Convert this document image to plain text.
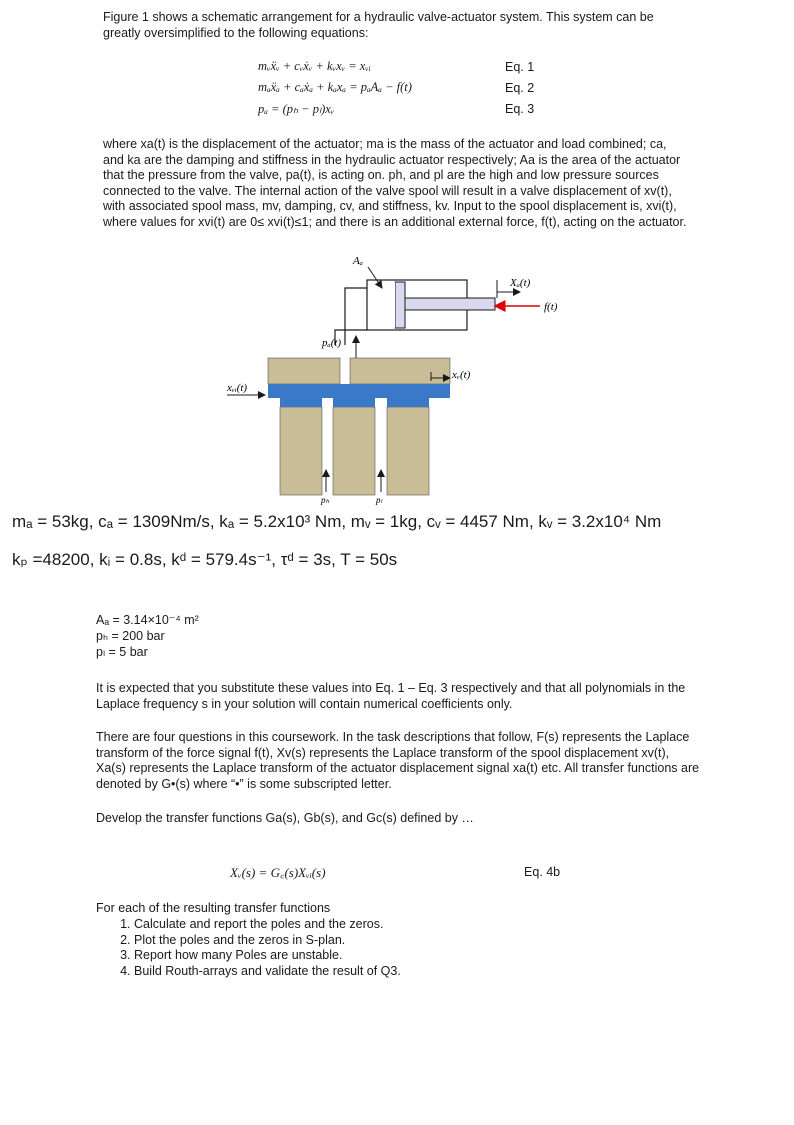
Figure 1 shows a schematic arrangement for a hydraulic valve-actuator system. This system can be greatly oversimplified to the following equations:
mᵥẍᵥ + cᵥẋᵥ + kᵥxᵥ = xᵥᵢ	Eq. 1
mₐẍₐ + cₐẋₐ + kₐxₐ = pₐAₐ − f(t)	Eq. 2
pₐ = (pₕ − pₗ)xᵥ	Eq. 3
where xa(t) is the displacement of the actuator; ma is the mass of the actuator and load combined; ca, and ka are the damping and stiffness in the hydraulic actuator respectively; Aa is the area of the actuator that the pressure from the valve, pa(t), is acting on. ph, and pl are the high and low pressure sources connected to the valve. The internal action of the valve spool will result in a valve displacement of xv(t), with associated spool mass, mv, damping, cv, and stiffness, kv. Input to the spool displacement is, xvi(t), where values for xvi(t) are 0≤ xvi(t)≤1; and there is an additional external force, f(t), acting on the actuator.
Aₐ
Xₐ(t)
f(t)
pₐ(t)
xᵥ(t)
xᵥᵢ(t)
pₕ	pₗ
mₐ = 53kg, cₐ = 1309Nm/s, kₐ = 5.2x10³ Nm, mᵥ = 1kg, cᵥ = 4457 Nm, kᵥ = 3.2x10⁴ Nm
kₚ =48200, kᵢ = 0.8s, kᵈ = 579.4s⁻¹, τᵈ = 3s, T = 50s
Aₐ = 3.14×10⁻⁴ m²
pₕ = 200 bar
pₗ = 5 bar
It is expected that you substitute these values into Eq. 1 – Eq. 3 respectively and that all polynomials in the Laplace frequency s in your solution will contain numerical coefficients only.
There are four questions in this coursework. In the task descriptions that follow, F(s) represents the Laplace transform of the force signal f(t), Xv(s) represents the Laplace transform of the spool displacement xv(t), Xa(s) represents the Laplace transform of the actuator displacement signal xa(t) etc. All transfer functions are denoted by G•(s) where “•” is some subscripted letter.
Develop the transfer functions Ga(s), Gb(s), and Gc(s) defined by …
Xᵥ(s) = G꜀(s)Xᵥᵢ(s)	Eq. 4b
For each of the resulting transfer functions
1. Calculate and report the poles and the zeros.
2. Plot the poles and the zeros in S-plan.
3. Report how many Poles are unstable.
4. Build Routh-arrays and validate the result of Q3.
